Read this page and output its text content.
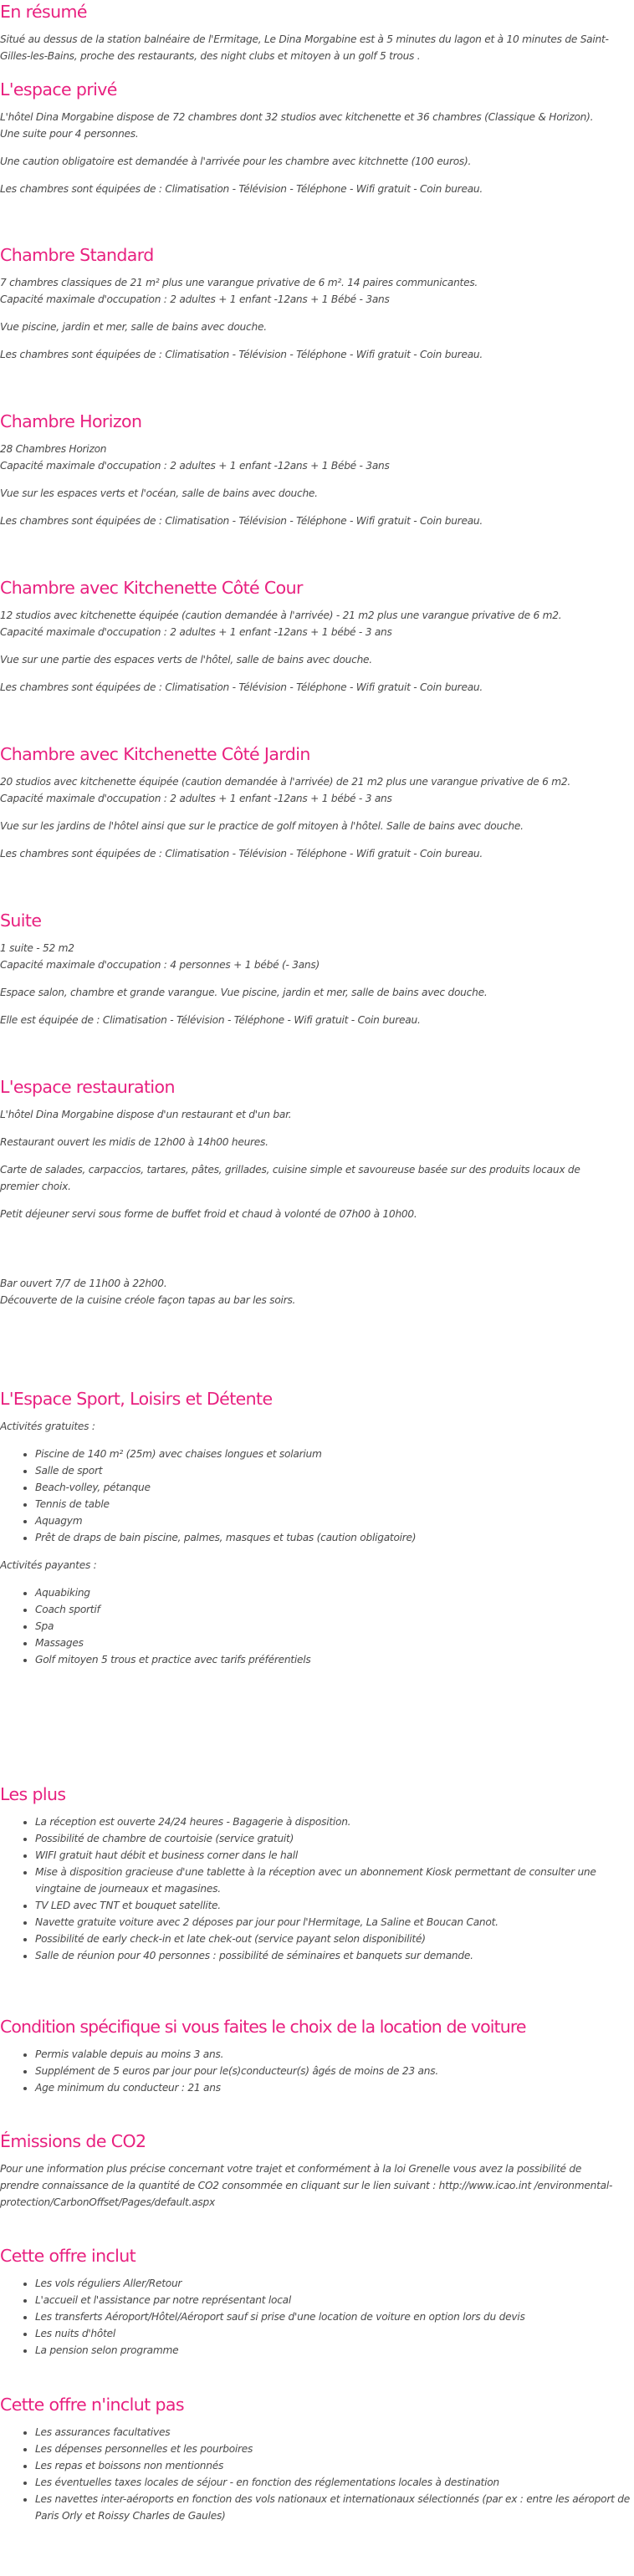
En résumé

Situé au dessus de la station balnéaire de l'Ermitage, Le Dina Morgabine est à 5 minutes du lagon et à 10 minutes de Saint-Gilles-les-Bains, proche des restaurants, des night clubs et mitoyen à un golf 5 trous .

L'espace privé

L'hôtel Dina Morgabine dispose de 72 chambres dont 32 studios avec kitchenette et 36 chambres (Classique & Horizon).

Une suite pour 4 personnes.

Une caution obligatoire est demandée à l'arrivée pour les chambre avec kitchnette (100 euros).

Les chambres sont équipées de : Climatisation - Télévision - Téléphone - Wifi gratuit - Coin bureau.

Chambre Standard

7 chambres classiques de 21 m² plus une varangue privative de 6 m². 14 paires communicantes.

Capacité maximale d'occupation : 2 adultes + 1 enfant -12ans + 1 Bébé - 3ans

Vue piscine, jardin et mer, salle de bains avec douche.

Les chambres sont équipées de : Climatisation - Télévision - Téléphone - Wifi gratuit - Coin bureau.

Chambre Horizon

28 Chambres Horizon

Capacité maximale d'occupation : 2 adultes + 1 enfant -12ans + 1 Bébé - 3ans

Vue sur les espaces verts et l'océan, salle de bains avec douche.

Les chambres sont équipées de : Climatisation - Télévision - Téléphone - Wifi gratuit - Coin bureau.

Chambre avec Kitchenette Côté Cour

12 studios avec kitchenette équipée (caution demandée à l'arrivée) - 21 m2 plus une varangue privative de 6 m2.

Capacité maximale d'occupation : 2 adultes + 1 enfant -12ans + 1 bébé - 3 ans

Vue sur une partie des espaces verts de l'hôtel, salle de bains avec douche.

Les chambres sont équipées de : Climatisation - Télévision - Téléphone - Wifi gratuit - Coin bureau.

Chambre avec Kitchenette Côté Jardin

20 studios avec kitchenette équipée (caution demandée à l'arrivée) de 21 m2 plus une varangue privative de 6 m2.

Capacité maximale d'occupation : 2 adultes + 1 enfant -12ans + 1 bébé - 3 ans

Vue sur les jardins de l'hôtel ainsi que sur le practice de golf mitoyen à l'hôtel. Salle de bains avec douche.

Les chambres sont équipées de : Climatisation - Télévision - Téléphone - Wifi gratuit - Coin bureau.

Suite

1 suite - 52 m2

Capacité maximale d'occupation : 4 personnes + 1 bébé (- 3ans)

Espace salon, chambre et grande varangue. Vue piscine, jardin et mer, salle de bains avec douche.

Elle est équipée de : Climatisation - Télévision - Téléphone - Wifi gratuit - Coin bureau.

L'espace restauration

L'hôtel Dina Morgabine dispose d'un restaurant et d'un bar.

Restaurant ouvert les midis de 12h00 à 14h00 heures.

Carte de salades, carpaccios, tartares, pâtes, grillades, cuisine simple et savoureuse basée sur des produits locaux de premier choix.

Petit déjeuner servi sous forme de buffet froid et chaud à volonté de 07h00 à 10h00.

Bar ouvert 7/7 de 11h00 à 22h00.

Découverte de la cuisine créole façon tapas au bar les soirs.

L'Espace Sport, Loisirs et Détente

Activités gratuites :

• Piscine de 140 m² (25m) avec chaises longues et solarium
• Salle de sport
• Beach-volley, pétanque
• Tennis de table
• Aquagym
• Prêt de draps de bain piscine, palmes, masques et tubas (caution obligatoire)

Activités payantes :

• Aquabiking
• Coach sportif
• Spa
• Massages
• Golf mitoyen 5 trous et practice avec tarifs préférentiels
Les plus
• La réception est ouverte 24/24 heures - Bagagerie à disposition.
• Possibilité de chambre de courtoisie (service gratuit)
• WIFI gratuit haut débit et business corner dans le hall
• Mise à disposition gracieuse d'une tablette à la réception avec un abonnement Kiosk permettant de consulter une vingtaine de journeaux et magasines.
• TV LED avec TNT et bouquet satellite.
• Navette gratuite voiture avec 2 déposes par jour pour l'Hermitage, La Saline et Boucan Canot.
• Possibilité de early check-in et late chek-out (service payant selon disponibilité)
• Salle de réunion pour 40 personnes : possibilité de séminaires et banquets sur demande.
Condition spécifique si vous faites le choix de la location de voiture
• Permis valable depuis au moins 3 ans.
• Supplément de 5 euros par jour pour le(s)conducteur(s) âgés de moins de 23 ans.
• Age minimum du conducteur : 21 ans
Émissions de CO2

Pour une information plus précise concernant votre trajet et conformément à la loi Grenelle vous avez la possibilité de prendre connaissance de la quantité de CO2 consommée en cliquant sur le lien suivant : http://www.icao.int /environmental-protection/CarbonOffset/Pages/default.aspx

Cette offre inclut
• Les vols réguliers Aller/Retour
• L'accueil et l'assistance par notre représentant local
• Les transferts Aéroport/Hôtel/Aéroport sauf si prise d'une location de voiture en option lors du devis
• Les nuits d'hôtel
• La pension selon programme
Cette offre n'inclut pas
• Les assurances facultatives
• Les dépenses personnelles et les pourboires
• Les repas et boissons non mentionnés
• Les éventuelles taxes locales de séjour - en fonction des réglementations locales à destination
• Les navettes inter-aéroports en fonction des vols nationaux et internationaux sélectionnés (par ex : entre les aéroport de Paris Orly et Roissy Charles de Gaules)
